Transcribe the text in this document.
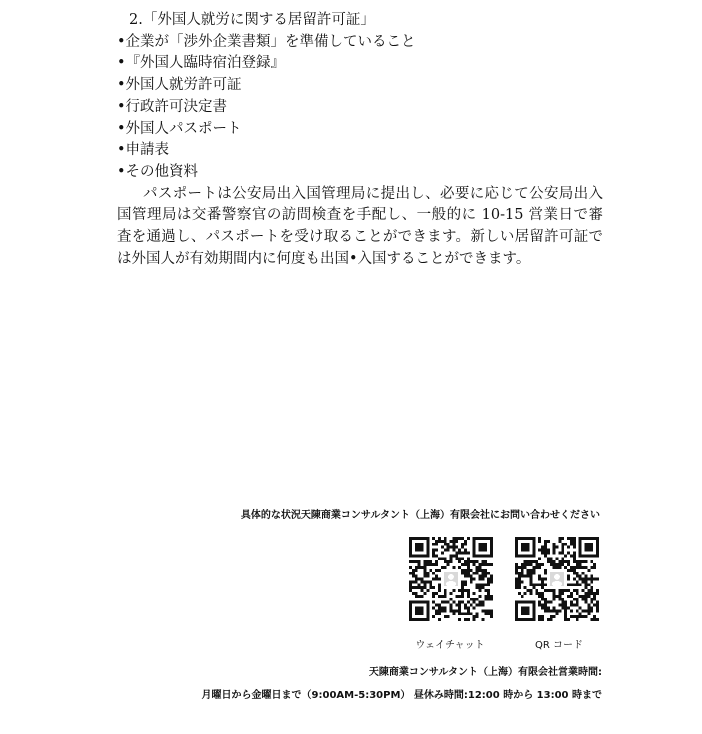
2.「外国人就労に関する居留許可証」
•企業が「渉外企業書類」を準備していること
•『外国人臨時宿泊登録』
•外国人就労許可証
•行政許可決定書
•外国人パスポート
•申請表
•その他資料
パスポートは公安局出入国管理局に提出し、必要に応じて公安局出入国管理局は交番警察官の訪問検査を手配し、一般的に 10-15 営業日で審査を通過し、パスポートを受け取ることができます。新しい居留許可証では外国人が有効期間内に何度も出国•入国することができます。
具体的な状況天陳商業コンサルタント（上海）有限会社にお問い合わせください
ウェイチャット	QR コード
天陳商業コンサルタント（上海）有限会社営業時間:
月曜日から金曜日まで（9:00AM-5:30PM） 昼休み時間:12:00 時から 13:00 時まで
